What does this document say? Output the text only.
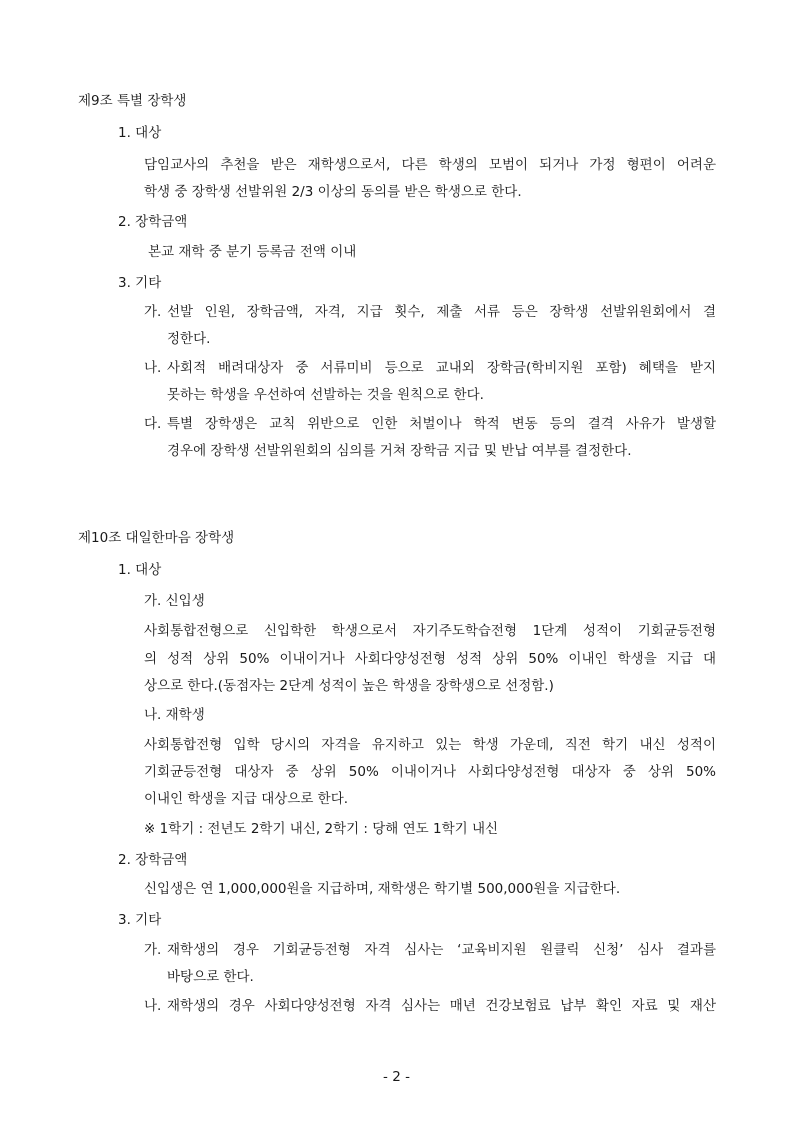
제9조 특별 장학생
1. 대상
담임교사의 추천을 받은 재학생으로서, 다른 학생의 모범이 되거나 가정 형편이 어려운
학생 중 장학생 선발위원 2/3 이상의 동의를 받은 학생으로 한다.
2. 장학금액
본교 재학 중 분기 등록금 전액 이내
3. 기타
가. 선발 인원, 장학금액, 자격, 지급 횟수, 제출 서류 등은 장학생 선발위원회에서 결
정한다.
나. 사회적 배려대상자 중 서류미비 등으로 교내외 장학금(학비지원 포함) 혜택을 받지
못하는 학생을 우선하여 선발하는 것을 원칙으로 한다.
다. 특별 장학생은 교칙 위반으로 인한 처벌이나 학적 변동 등의 결격 사유가 발생할
경우에 장학생 선발위원회의 심의를 거쳐 장학금 지급 및 반납 여부를 결정한다.
제10조 대일한마음 장학생
1. 대상
가. 신입생
사회통합전형으로 신입학한 학생으로서 자기주도학습전형 1단계 성적이 기회균등전형
의 성적 상위 50% 이내이거나 사회다양성전형 성적 상위 50% 이내인 학생을 지급 대
상으로 한다.(동점자는 2단계 성적이 높은 학생을 장학생으로 선정함.)
나. 재학생
사회통합전형 입학 당시의 자격을 유지하고 있는 학생 가운데, 직전 학기 내신 성적이
기회균등전형 대상자 중 상위 50% 이내이거나 사회다양성전형 대상자 중 상위 50%
이내인 학생을 지급 대상으로 한다.
※ 1학기 : 전년도 2학기 내신, 2학기 : 당해 연도 1학기 내신
2. 장학금액
신입생은 연 1,000,000원을 지급하며, 재학생은 학기별 500,000원을 지급한다.
3. 기타
가. 재학생의 경우 기회균등전형 자격 심사는 ‘교육비지원 원클릭 신청’ 심사 결과를
바탕으로 한다.
나. 재학생의 경우 사회다양성전형 자격 심사는 매년 건강보험료 납부 확인 자료 및 재산
- 2 -
